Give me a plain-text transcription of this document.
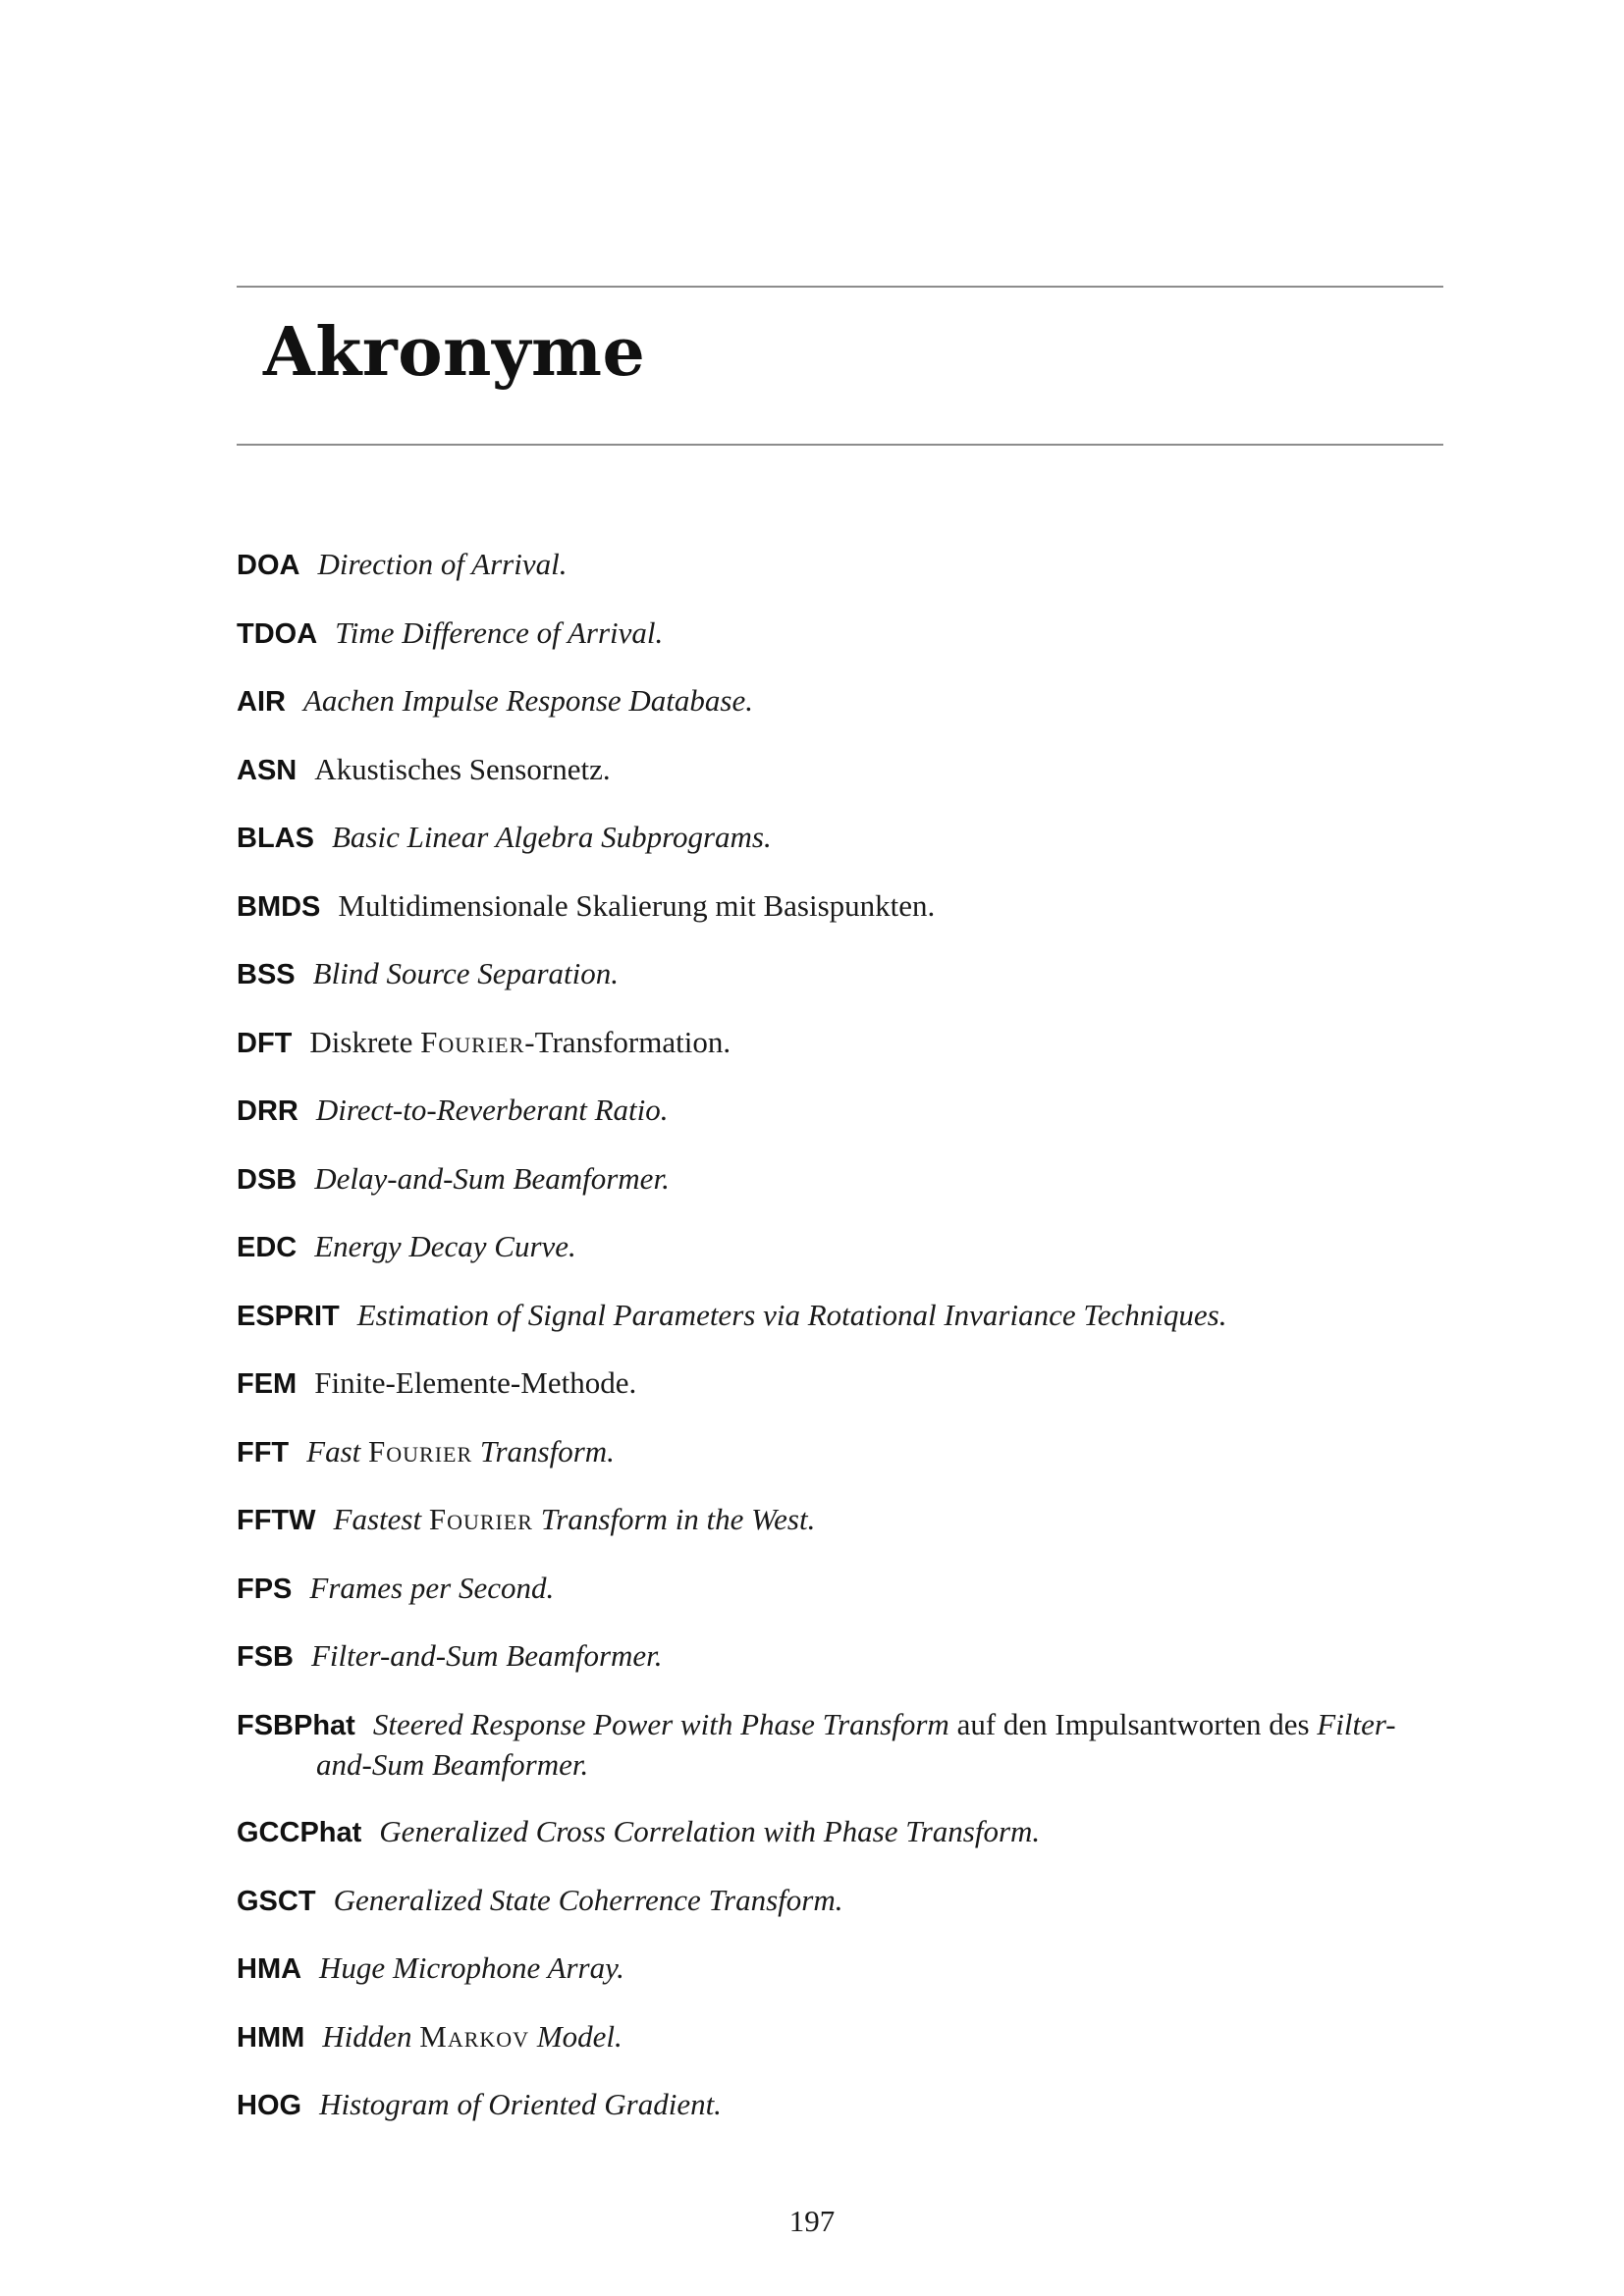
Akronyme
DOA Direction of Arrival.
TDOA Time Difference of Arrival.
AIR Aachen Impulse Response Database.
ASN Akustisches Sensornetz.
BLAS Basic Linear Algebra Subprograms.
BMDS Multidimensionale Skalierung mit Basispunkten.
BSS Blind Source Separation.
DFT Diskrete Fourier-Transformation.
DRR Direct-to-Reverberant Ratio.
DSB Delay-and-Sum Beamformer.
EDC Energy Decay Curve.
ESPRIT Estimation of Signal Parameters via Rotational Invariance Techniques.
FEM Finite-Elemente-Methode.
FFT Fast Fourier Transform.
FFTW Fastest Fourier Transform in the West.
FPS Frames per Second.
FSB Filter-and-Sum Beamformer.
FSBPhat Steered Response Power with Phase Transform auf den Impulsantworten des Filter-and-Sum Beamformer.
GCCPhat Generalized Cross Correlation with Phase Transform.
GSCT Generalized State Coherrence Transform.
HMA Huge Microphone Array.
HMM Hidden Markov Model.
HOG Histogram of Oriented Gradient.
197
